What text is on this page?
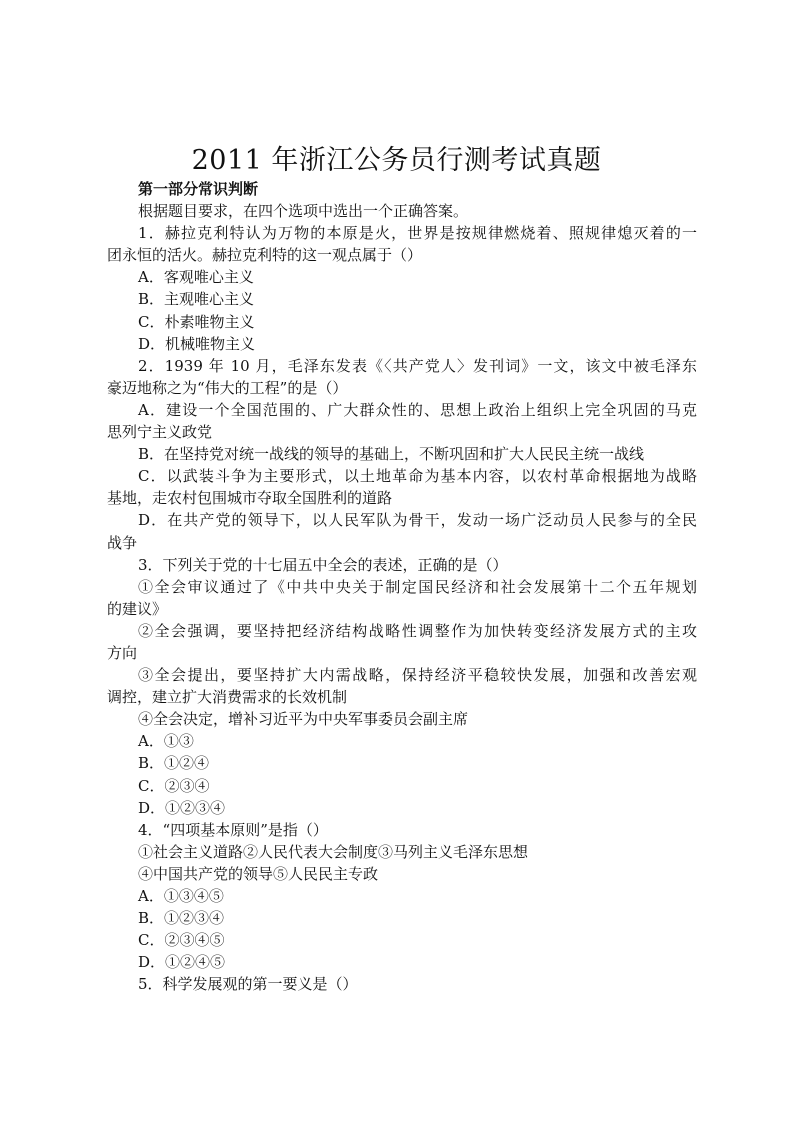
2011 年浙江公务员行测考试真题
第一部分常识判断
根据题目要求，在四个选项中选出一个正确答案。
1．赫拉克利特认为万物的本原是火，世界是按规律燃烧着、照规律熄灭着的一
团永恒的活火。赫拉克利特的这一观点属于（）
A．客观唯心主义
B．主观唯心主义
C．朴素唯物主义
D．机械唯物主义
2．1939 年 10 月，毛泽东发表《〈共产党人〉发刊词》一文，该文中被毛泽东
豪迈地称之为“伟大的工程”的是（）
A．建设一个全国范围的、广大群众性的、思想上政治上组织上完全巩固的马克
思列宁主义政党
B．在坚持党对统一战线的领导的基础上，不断巩固和扩大人民民主统一战线
C．以武装斗争为主要形式，以土地革命为基本内容，以农村革命根据地为战略
基地，走农村包围城市夺取全国胜利的道路
D．在共产党的领导下，以人民军队为骨干，发动一场广泛动员人民参与的全民
战争
3．下列关于党的十七届五中全会的表述，正确的是（）
①全会审议通过了《中共中央关于制定国民经济和社会发展第十二个五年规划
的建议》
②全会强调，要坚持把经济结构战略性调整作为加快转变经济发展方式的主攻
方向
③全会提出，要坚持扩大内需战略，保持经济平稳较快发展，加强和改善宏观
调控，建立扩大消费需求的长效机制
④全会决定，增补习近平为中央军事委员会副主席
A．①③
B．①②④
C．②③④
D．①②③④
4．“四项基本原则”是指（）
①社会主义道路②人民代表大会制度③马列主义毛泽东思想
④中国共产党的领导⑤人民民主专政
A．①③④⑤
B．①②③④
C．②③④⑤
D．①②④⑤
5．科学发展观的第一要义是（）
